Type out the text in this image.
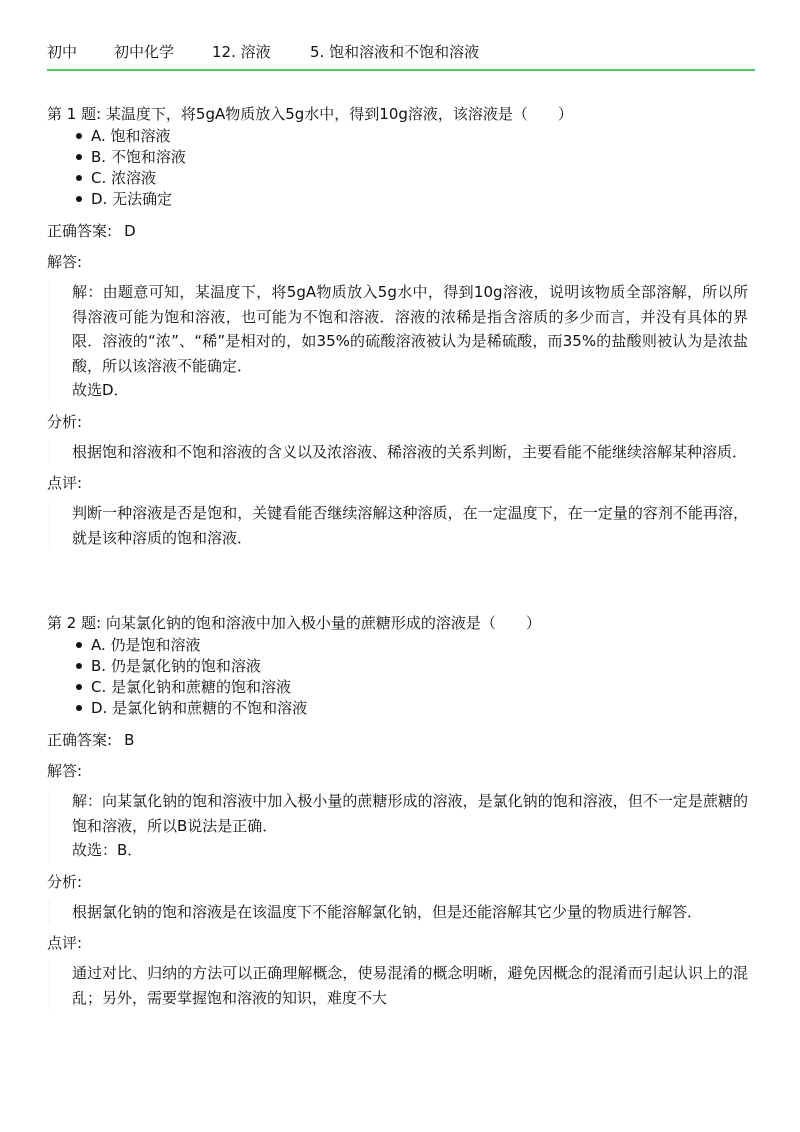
初中	初中化学	12. 溶液	5. 饱和溶液和不饱和溶液
第 1 题: 某温度下，将5gA物质放入5g水中，得到10g溶液，该溶液是（　　）
A. 饱和溶液
B. 不饱和溶液
C. 浓溶液
D. 无法确定
正确答案: D
解答:

解：由题意可知，某温度下，将5gA物质放入5g水中，得到10g溶液，说明该物质全部溶解，所以所得溶液可能为饱和溶液，也可能为不饱和溶液．溶液的浓稀是指含溶质的多少而言，并没有具体的界限．溶液的“浓”、“稀”是相对的，如35%的硫酸溶液被认为是稀硫酸，而35%的盐酸则被认为是浓盐酸，所以该溶液不能确定．

故选D．

分析:

根据饱和溶液和不饱和溶液的含义以及浓溶液、稀溶液的关系判断，主要看能不能继续溶解某种溶质．

点评:

判断一种溶液是否是饱和，关键看能否继续溶解这种溶质，在一定温度下，在一定量的容剂不能再溶，就是该种溶质的饱和溶液．

第 2 题: 向某氯化钠的饱和溶液中加入极小量的蔗糖形成的溶液是（　　）
A. 仍是饱和溶液
B. 仍是氯化钠的饱和溶液
C. 是氯化钠和蔗糖的饱和溶液
D. 是氯化钠和蔗糖的不饱和溶液
正确答案: B
解答:

解：向某氯化钠的饱和溶液中加入极小量的蔗糖形成的溶液，是氯化钠的饱和溶液，但不一定是蔗糖的饱和溶液，所以B说法是正确．

故选：B．

分析:

根据氯化钠的饱和溶液是在该温度下不能溶解氯化钠，但是还能溶解其它少量的物质进行解答．

点评:

通过对比、归纳的方法可以正确理解概念，使易混淆的概念明晰，避免因概念的混淆而引起认识上的混乱；另外，需要掌握饱和溶液的知识，难度不大
